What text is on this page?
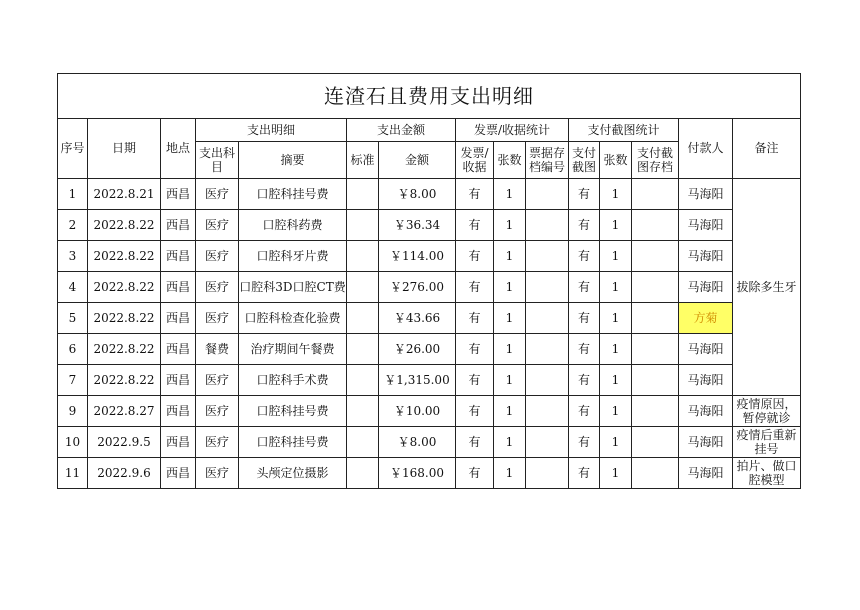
连渣石且费用支出明细														
序号	日期	地点	支出明细		支出金额		发票/收据统计			支付截图统计			付款人	备注
			支出科目	摘要	标准	金额	发票/收据	张数	票据存档编号	支付截图	张数	支付截图存档		
1	2022.8.21	西昌	医疗	口腔科挂号费		￥8.00	有	1		有	1		马海阳	拔除多生牙
2	2022.8.22	西昌	医疗	口腔科药费		￥36.34	有	1		有	1		马海阳	
3	2022.8.22	西昌	医疗	口腔科牙片费		￥114.00	有	1		有	1		马海阳	
4	2022.8.22	西昌	医疗	口腔科3D口腔CT费		￥276.00	有	1		有	1		马海阳	
5	2022.8.22	西昌	医疗	口腔科检查化验费		￥43.66	有	1		有	1		方菊	
6	2022.8.22	西昌	餐费	治疗期间午餐费		￥26.00	有	1		有	1		马海阳	
7	2022.8.22	西昌	医疗	口腔科手术费		￥1,315.00	有	1		有	1		马海阳	
9	2022.8.27	西昌	医疗	口腔科挂号费		￥10.00	有	1		有	1		马海阳	疫情原因，暂停就诊
10	2022.9.5	西昌	医疗	口腔科挂号费		￥8.00	有	1		有	1		马海阳	疫情后重新挂号
11	2022.9.6	西昌	医疗	头颅定位摄影		￥168.00	有	1		有	1		马海阳	拍片、做口腔模型
